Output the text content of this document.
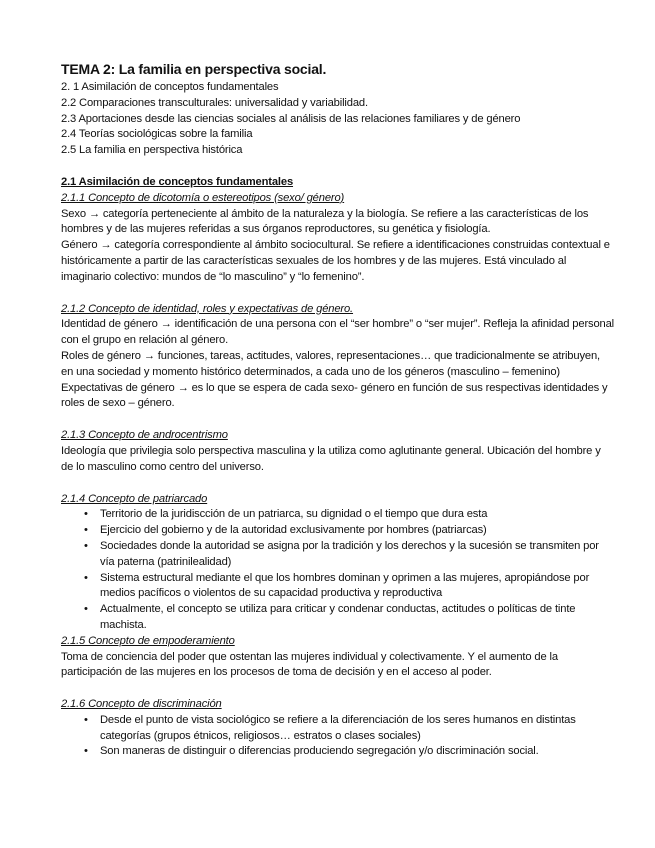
TEMA 2: La familia en perspectiva social.
2. 1 Asimilación de conceptos fundamentales
2.2 Comparaciones transculturales: universalidad y variabilidad.
2.3 Aportaciones desde las ciencias sociales al análisis de las relaciones familiares y de género
2.4 Teorías sociológicas sobre la familia
2.5 La familia en perspectiva histórica
2.1 Asimilación de conceptos fundamentales
2.1.1 Concepto de dicotomía o estereotipos (sexo/ género)

Sexo → categoría perteneciente al ámbito de la naturaleza y la biología. Se refiere a las características de los hombres y de las mujeres referidas a sus órganos reproductores, su genética y fisiología.

Género → categoría correspondiente al ámbito sociocultural. Se refiere a identificaciones construidas contextual e históricamente a partir de las características sexuales de los hombres y de las mujeres. Está vinculado al imaginario colectivo: mundos de “lo masculino” y “lo femenino”.

2.1.2 Concepto de identidad, roles y expectativas de género.

Identidad de género → identificación de una persona con el “ser hombre” o “ser mujer”. Refleja la afinidad personal con el grupo en relación al género.

Roles de género → funciones, tareas, actitudes, valores, representaciones… que tradicionalmente se atribuyen, en una sociedad y momento histórico determinados, a cada uno de los géneros (masculino – femenino)

Expectativas de género → es lo que se espera de cada sexo- género en función de sus respectivas identidades y roles de sexo – género.

2.1.3 Concepto de androcentrismo

Ideología que privilegia solo perspectiva masculina y la utiliza como aglutinante general. Ubicación del hombre y de lo masculino como centro del universo.

2.1.4 Concepto de patriarcado
• Territorio de la juridiscción de un patriarca, su dignidad o el tiempo que dura esta
• Ejercicio del gobierno y de la autoridad exclusivamente por hombres (patriarcas)
• Sociedades donde la autoridad se asigna por la tradición y los derechos y la sucesión se transmiten por vía paterna (patrinilealidad)
• Sistema estructural mediante el que los hombres dominan y oprimen a las mujeres, apropiándose por medios pacíficos o violentos de su capacidad productiva y reproductiva
• Actualmente, el concepto se utiliza para criticar y condenar conductas, actitudes o políticas de tinte machista.
2.1.5 Concepto de empoderamiento

Toma de conciencia del poder que ostentan las mujeres individual y colectivamente. Y el aumento de la participación de las mujeres en los procesos de toma de decisión y en el acceso al poder.

2.1.6 Concepto de discriminación
• Desde el punto de vista sociológico se refiere a la diferenciación de los seres humanos en distintas categorías (grupos étnicos, religiosos… estratos o clases sociales)
• Son maneras de distinguir o diferencias produciendo segregación y/o discriminación social.
